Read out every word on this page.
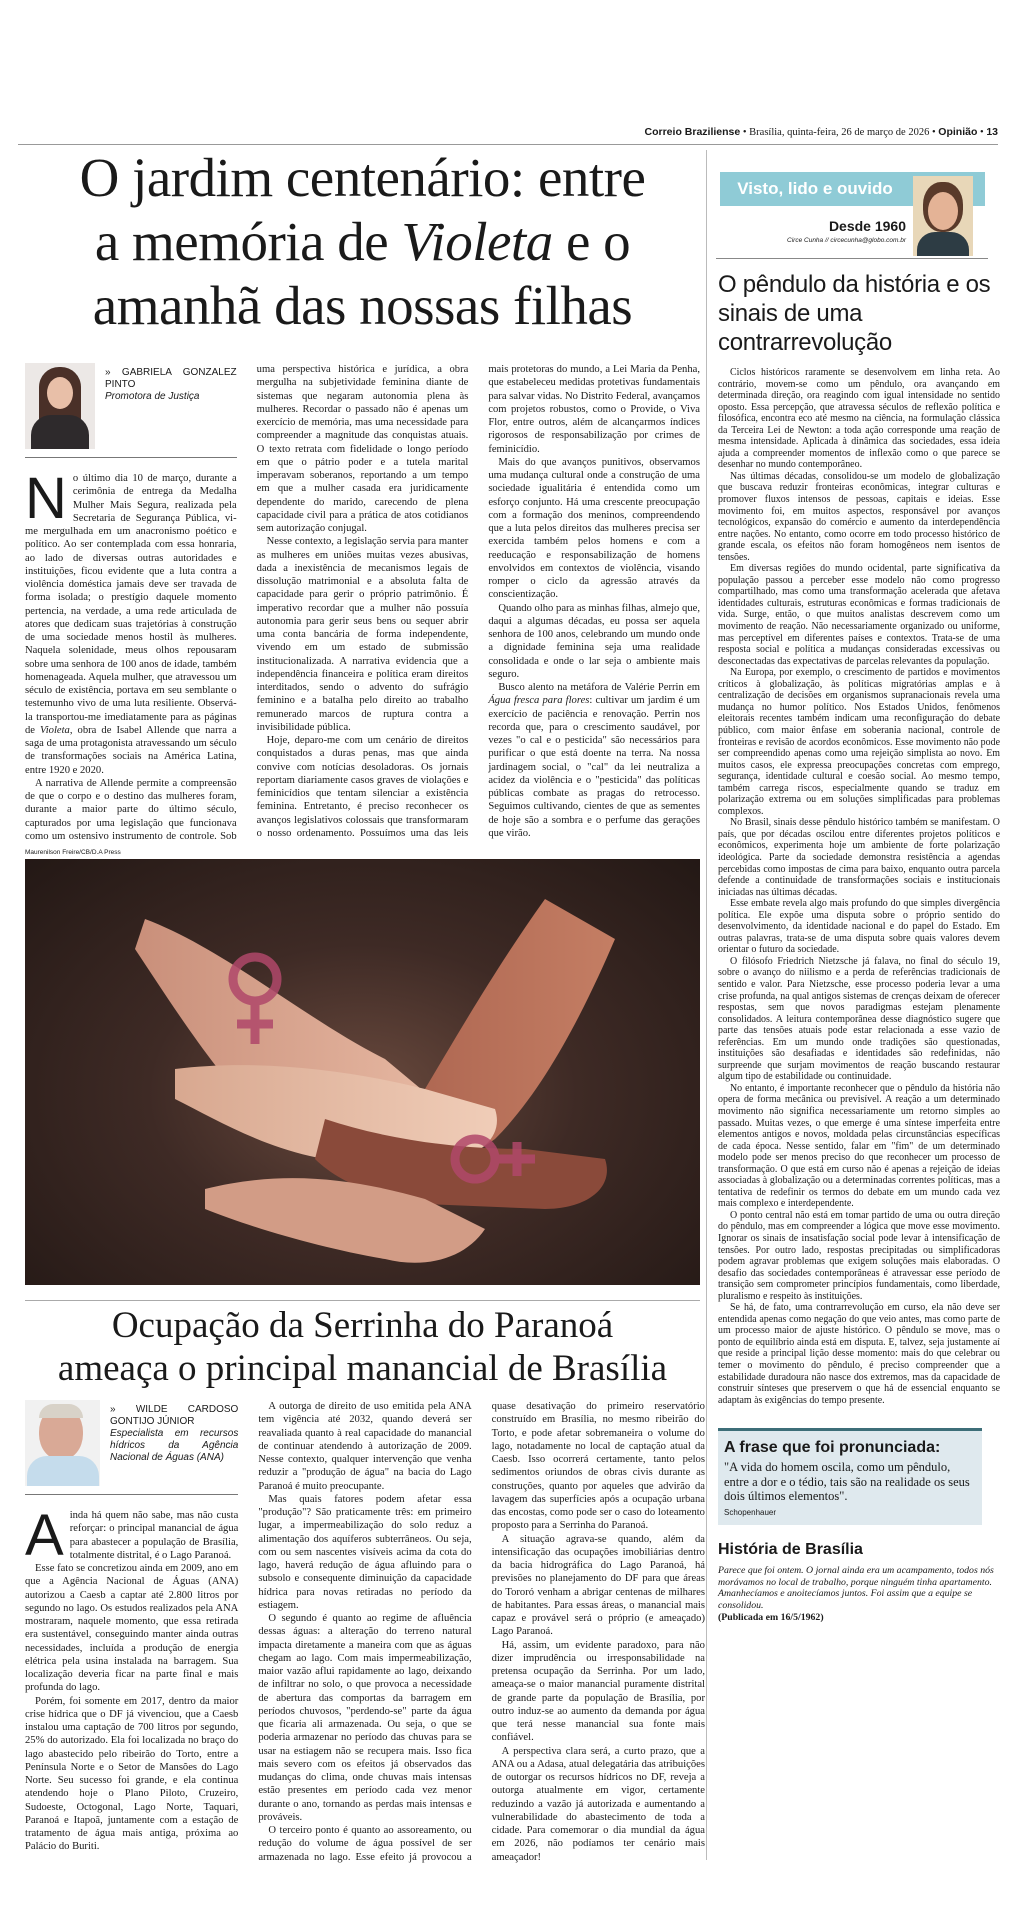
Correio Braziliense • Brasília, quinta-feira, 26 de março de 2026 • Opinião • 13
O jardim centenário: entre
a memória de Violeta e o
amanhã das nossas filhas
» GABRIELA GONZALEZ PINTO
Promotora de Justiça

No último dia 10 de março, durante a cerimônia de entrega da Medalha Mulher Mais Segura, realizada pela Secretaria de Segurança Pública, vi-me mergulhada em um anacronismo poético e político. Ao ser contemplada com essa honraria, ao lado de diversas outras autoridades e instituições, ficou evidente que a luta contra a violência doméstica jamais deve ser travada de forma isolada; o prestígio daquele momento pertencia, na verdade, a uma rede articulada de atores que dedicam suas trajetórias à construção de uma sociedade menos hostil às mulheres. Naquela solenidade, meus olhos repousaram sobre uma senhora de 100 anos de idade, também homenageada. Aquela mulher, que atravessou um século de existência, portava em seu semblante o testemunho vivo de uma luta resiliente. Observá-la transportou-me imediatamente para as páginas de Violeta, obra de Isabel Allende que narra a saga de uma protagonista atravessando um século de transformações sociais na América Latina, entre 1920 e 2020.

A narrativa de Allende permite a compreensão de que o corpo e o destino das mulheres foram, durante a maior parte do último século, capturados por uma legislação que funcionava como um ostensivo instrumento de controle. Sob uma perspectiva histórica e jurídica, a obra mergulha na subjetividade feminina diante de sistemas que negaram autonomia plena às mulheres. Recordar o passado não é apenas um exercício de memória, mas uma necessidade para compreender a magnitude das conquistas atuais. O texto retrata com fidelidade o longo período em que o pátrio poder e a tutela marital imperavam soberanos, reportando a um tempo em que a mulher casada era juridicamente dependente do marido, carecendo de plena capacidade civil para a prática de atos cotidianos sem autorização conjugal.

Nesse contexto, a legislação servia para manter as mulheres em uniões muitas vezes abusivas, dada a inexistência de mecanismos legais de dissolução matrimonial e a absoluta falta de capacidade para gerir o próprio patrimônio. É imperativo recordar que a mulher não possuía autonomia para gerir seus bens ou sequer abrir uma conta bancária de forma independente, vivendo em um estado de submissão institucionalizada. A narrativa evidencia que a independência financeira e política eram direitos interditados, sendo o advento do sufrágio feminino e a batalha pelo direito ao trabalho remunerado marcos de ruptura contra a invisibilidade pública.

Hoje, deparo-me com um cenário de direitos conquistados a duras penas, mas que ainda convive com notícias desoladoras. Os jornais reportam diariamente casos graves de violações e feminicídios que tentam silenciar a existência feminina. Entretanto, é preciso reconhecer os avanços legislativos colossais que transformaram o nosso ordenamento. Possuímos uma das leis mais protetoras do mundo, a Lei Maria da Penha, que estabeleceu medidas protetivas fundamentais para salvar vidas. No Distrito Federal, avançamos com projetos robustos, como o Provide, o Viva Flor, entre outros, além de alcançarmos índices rigorosos de responsabilização por crimes de feminicídio.

Mais do que avanços punitivos, observamos uma mudança cultural onde a construção de uma sociedade igualitária é entendida como um esforço conjunto. Há uma crescente preocupação com a formação dos meninos, compreendendo que a luta pelos direitos das mulheres precisa ser exercida também pelos homens e com a reeducação e responsabilização de homens envolvidos em contextos de violência, visando romper o ciclo da agressão através da conscientização.

Quando olho para as minhas filhas, almejo que, daqui a algumas décadas, eu possa ser aquela senhora de 100 anos, celebrando um mundo onde a dignidade feminina seja uma realidade consolidada e onde o lar seja o ambiente mais seguro.

Busco alento na metáfora de Valérie Perrin em Água fresca para flores: cultivar um jardim é um exercício de paciência e renovação. Perrin nos recorda que, para o crescimento saudável, por vezes "o cal e o pesticida" são necessários para purificar o que está doente na terra. Na nossa jardinagem social, o "cal" da lei neutraliza a acidez da violência e o "pesticida" das políticas públicas combate as pragas do retrocesso. Seguimos cultivando, cientes de que as sementes de hoje são a sombra e o perfume das gerações que virão.

Maurenilson Freire/CB/D.A Press
Ocupação da Serrinha do Paranoá
ameaça o principal manancial de Brasília
» WILDE CARDOSO GONTIJO JÚNIOR
Especialista em recursos hídricos da Agência Nacional de Águas (ANA)

Ainda há quem não sabe, mas não custa reforçar: o principal manancial de água para abastecer a população de Brasília, totalmente distrital, é o Lago Paranoá.

Esse fato se concretizou ainda em 2009, ano em que a Agência Nacional de Águas (ANA) autorizou a Caesb a captar até 2.800 litros por segundo no lago. Os estudos realizados pela ANA mostraram, naquele momento, que essa retirada era sustentável, conseguindo manter ainda outras necessidades, incluída a produção de energia elétrica pela usina instalada na barragem. Sua localização deveria ficar na parte final e mais profunda do lago.

Porém, foi somente em 2017, dentro da maior crise hídrica que o DF já vivenciou, que a Caesb instalou uma captação de 700 litros por segundo, 25% do autorizado. Ela foi localizada no braço do lago abastecido pelo ribeirão do Torto, entre a Península Norte e o Setor de Mansões do Lago Norte. Seu sucesso foi grande, e ela continua atendendo hoje o Plano Piloto, Cruzeiro, Sudoeste, Octogonal, Lago Norte, Taquari, Paranoá e Itapoã, juntamente com a estação de tratamento de água mais antiga, próxima ao Palácio do Buriti.

A outorga de direito de uso emitida pela ANA tem vigência até 2032, quando deverá ser reavaliada quanto à real capacidade do manancial de continuar atendendo à autorização de 2009. Nesse contexto, qualquer intervenção que venha reduzir a "produção de água" na bacia do Lago Paranoá é muito preocupante.

Mas quais fatores podem afetar essa "produção"? São praticamente três: em primeiro lugar, a impermeabilização do solo reduz a alimentação dos aquíferos subterrâneos. Ou seja, com ou sem nascentes visíveis acima da cota do lago, haverá redução de água afluindo para o subsolo e consequente diminuição da capacidade hídrica para novas retiradas no período da estiagem.

O segundo é quanto ao regime de afluência dessas águas: a alteração do terreno natural impacta diretamente a maneira com que as águas chegam ao lago. Com mais impermeabilização, maior vazão aflui rapidamente ao lago, deixando de infiltrar no solo, o que provoca a necessidade de abertura das comportas da barragem em períodos chuvosos, "perdendo-se" parte da água que ficaria ali armazenada. Ou seja, o que se poderia armazenar no período das chuvas para se usar na estiagem não se recupera mais. Isso fica mais severo com os efeitos já observados das mudanças do clima, onde chuvas mais intensas estão presentes em período cada vez menor durante o ano, tornando as perdas mais intensas e prováveis.

O terceiro ponto é quanto ao assoreamento, ou redução do volume de água possível de ser armazenada no lago. Esse efeito já provocou a quase desativação do primeiro reservatório construído em Brasília, no mesmo ribeirão do Torto, e pode afetar sobremaneira o volume do lago, notadamente no local de captação atual da Caesb. Isso ocorrerá certamente, tanto pelos sedimentos oriundos de obras civis durante as construções, quanto por aqueles que advirão da lavagem das superfícies após a ocupação urbana das encostas, como pode ser o caso do loteamento proposto para a Serrinha do Paranoá.

A situação agrava-se quando, além da intensificação das ocupações imobiliárias dentro da bacia hidrográfica do Lago Paranoá, há previsões no planejamento do DF para que áreas do Tororó venham a abrigar centenas de milhares de habitantes. Para essas áreas, o manancial mais capaz e provável será o próprio (e ameaçado) Lago Paranoá.

Há, assim, um evidente paradoxo, para não dizer imprudência ou irresponsabilidade na pretensa ocupação da Serrinha. Por um lado, ameaça-se o maior manancial puramente distrital de grande parte da população de Brasília, por outro induz-se ao aumento da demanda por água que terá nesse manancial sua fonte mais confiável.

A perspectiva clara será, a curto prazo, que a ANA ou a Adasa, atual delegatária das atribuições de outorgar os recursos hídricos no DF, reveja a outorga atualmente em vigor, certamente reduzindo a vazão já autorizada e aumentando a vulnerabilidade do abastecimento de toda a cidade. Para comemorar o dia mundial da água em 2026, não podíamos ter cenário mais ameaçador!

Visto, lido e ouvido
Desde 1960
Circe Cunha // circecunha@globo.com.br
O pêndulo da história e os sinais de uma contrarrevolução

Ciclos históricos raramente se desenvolvem em linha reta. Ao contrário, movem-se como um pêndulo, ora avançando em determinada direção, ora reagindo com igual intensidade no sentido oposto. Essa percepção, que atravessa séculos de reflexão política e filosófica, encontra eco até mesmo na ciência, na formulação clássica da Terceira Lei de Newton: a toda ação corresponde uma reação de mesma intensidade. Aplicada à dinâmica das sociedades, essa ideia ajuda a compreender momentos de inflexão como o que parece se desenhar no mundo contemporâneo.

Nas últimas décadas, consolidou-se um modelo de globalização que buscava reduzir fronteiras econômicas, integrar culturas e promover fluxos intensos de pessoas, capitais e ideias. Esse movimento foi, em muitos aspectos, responsável por avanços tecnológicos, expansão do comércio e aumento da interdependência entre nações. No entanto, como ocorre em todo processo histórico de grande escala, os efeitos não foram homogêneos nem isentos de tensões.

Em diversas regiões do mundo ocidental, parte significativa da população passou a perceber esse modelo não como progresso compartilhado, mas como uma transformação acelerada que afetava identidades culturais, estruturas econômicas e formas tradicionais de vida. Surge, então, o que muitos analistas descrevem como um movimento de reação. Não necessariamente organizado ou uniforme, mas perceptível em diferentes países e contextos. Trata-se de uma resposta social e política a mudanças consideradas excessivas ou desconectadas das expectativas de parcelas relevantes da população.

Na Europa, por exemplo, o crescimento de partidos e movimentos críticos à globalização, às políticas migratórias amplas e à centralização de decisões em organismos supranacionais revela uma mudança no humor político. Nos Estados Unidos, fenômenos eleitorais recentes também indicam uma reconfiguração do debate público, com maior ênfase em soberania nacional, controle de fronteiras e revisão de acordos econômicos. Esse movimento não pode ser compreendido apenas como uma rejeição simplista ao novo. Em muitos casos, ele expressa preocupações concretas com emprego, segurança, identidade cultural e coesão social. Ao mesmo tempo, também carrega riscos, especialmente quando se traduz em polarização extrema ou em soluções simplificadas para problemas complexos.

No Brasil, sinais desse pêndulo histórico também se manifestam. O país, que por décadas oscilou entre diferentes projetos políticos e econômicos, experimenta hoje um ambiente de forte polarização ideológica. Parte da sociedade demonstra resistência a agendas percebidas como impostas de cima para baixo, enquanto outra parcela defende a continuidade de transformações sociais e institucionais iniciadas nas últimas décadas.

Esse embate revela algo mais profundo do que simples divergência política. Ele expõe uma disputa sobre o próprio sentido do desenvolvimento, da identidade nacional e do papel do Estado. Em outras palavras, trata-se de uma disputa sobre quais valores devem orientar o futuro da sociedade.

O filósofo Friedrich Nietzsche já falava, no final do século 19, sobre o avanço do niilismo e a perda de referências tradicionais de sentido e valor. Para Nietzsche, esse processo poderia levar a uma crise profunda, na qual antigos sistemas de crenças deixam de oferecer respostas, sem que novos paradigmas estejam plenamente consolidados. A leitura contemporânea desse diagnóstico sugere que parte das tensões atuais pode estar relacionada a esse vazio de referências. Em um mundo onde tradições são questionadas, instituições são desafiadas e identidades são redefinidas, não surpreende que surjam movimentos de reação buscando restaurar algum tipo de estabilidade ou continuidade.

No entanto, é importante reconhecer que o pêndulo da história não opera de forma mecânica ou previsível. A reação a um determinado movimento não significa necessariamente um retorno simples ao passado. Muitas vezes, o que emerge é uma síntese imperfeita entre elementos antigos e novos, moldada pelas circunstâncias específicas de cada época. Nesse sentido, falar em "fim" de um determinado modelo pode ser menos preciso do que reconhecer um processo de transformação. O que está em curso não é apenas a rejeição de ideias associadas à globalização ou a determinadas correntes políticas, mas a tentativa de redefinir os termos do debate em um mundo cada vez mais complexo e interdependente.

O ponto central não está em tomar partido de uma ou outra direção do pêndulo, mas em compreender a lógica que move esse movimento. Ignorar os sinais de insatisfação social pode levar à intensificação de tensões. Por outro lado, respostas precipitadas ou simplificadoras podem agravar problemas que exigem soluções mais elaboradas. O desafio das sociedades contemporâneas é atravessar esse período de transição sem comprometer princípios fundamentais, como liberdade, pluralismo e respeito às instituições.

Se há, de fato, uma contrarrevolução em curso, ela não deve ser entendida apenas como negação do que veio antes, mas como parte de um processo maior de ajuste histórico. O pêndulo se move, mas o ponto de equilíbrio ainda está em disputa. E, talvez, seja justamente aí que reside a principal lição desse momento: mais do que celebrar ou temer o movimento do pêndulo, é preciso compreender que a estabilidade duradoura não nasce dos extremos, mas da capacidade de construir sínteses que preservem o que há de essencial enquanto se adaptam às exigências do tempo presente.

A frase que foi pronunciada:
"A vida do homem oscila, como um pêndulo, entre a dor e o tédio, tais são na realidade os seus dois últimos elementos".
Schopenhauer
História de Brasília
Parece que foi ontem. O jornal ainda era um acampamento, todos nós morávamos no local de trabalho, porque ninguém tinha apartamento. Amanhecíamos e anoitecíamos juntos. Foi assim que a equipe se consolidou.
(Publicada em 16/5/1962)
